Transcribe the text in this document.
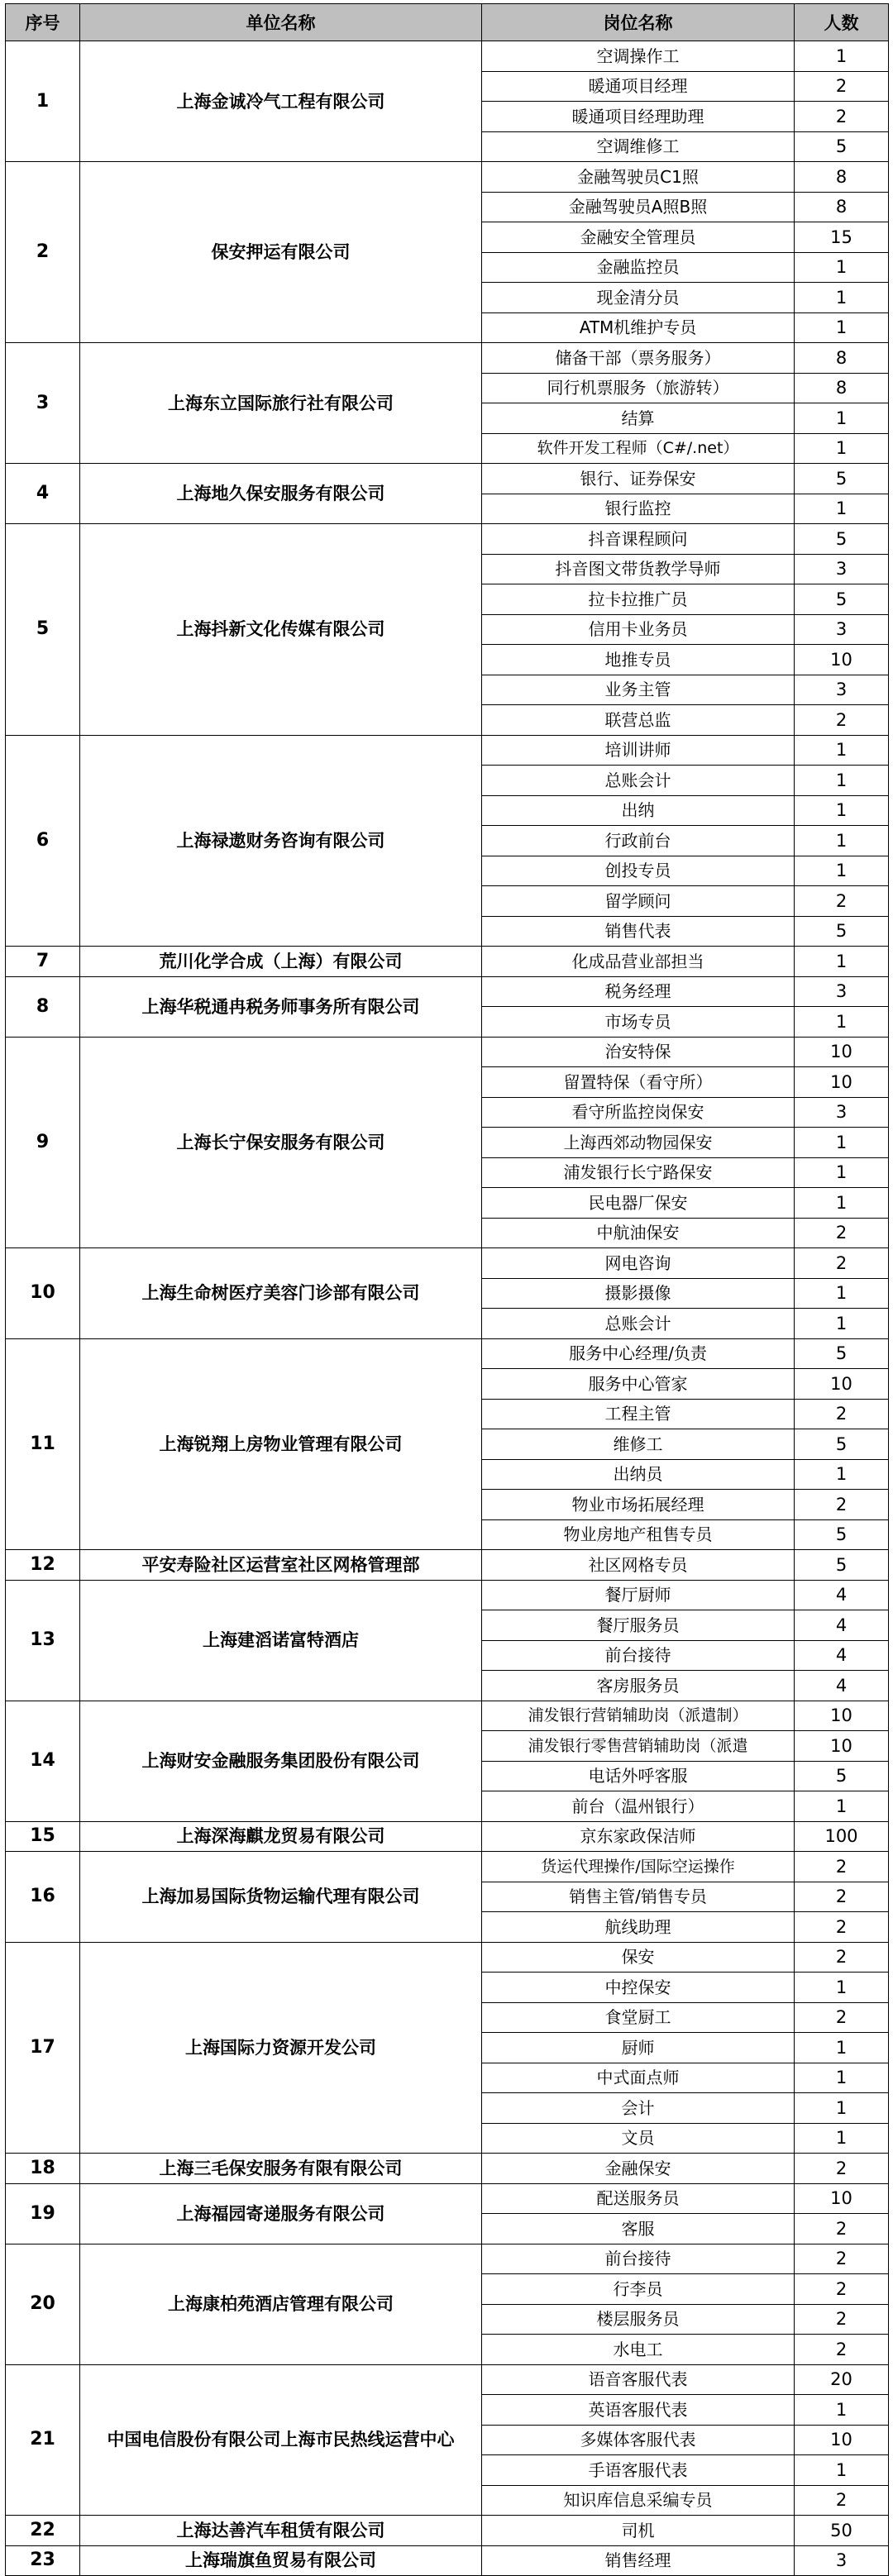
序号	单位名称	岗位名称	人数
1	上海金诚冷气工程有限公司	空调操作工	1
		暖通项目经理	2
		暖通项目经理助理	2
		空调维修工	5
2	保安押运有限公司	金融驾驶员C1照	8
		金融驾驶员A照B照	8
		金融安全管理员	15
		金融监控员	1
		现金清分员	1
		ATM机维护专员	1
3	上海东立国际旅行社有限公司	储备干部（票务服务）	8
		同行机票服务（旅游转）	8
		结算	1
		软件开发工程师（C#/.net）	1
4	上海地久保安服务有限公司	银行、证券保安	5
		银行监控	1
5	上海抖新文化传媒有限公司	抖音课程顾问	5
		抖音图文带货教学导师	3
		拉卡拉推广员	5
		信用卡业务员	3
		地推专员	10
		业务主管	3
		联营总监	2
6	上海禄遨财务咨询有限公司	培训讲师	1
		总账会计	1
		出纳	1
		行政前台	1
		创投专员	1
		留学顾问	2
		销售代表	5
7	荒川化学合成（上海）有限公司	化成品营业部担当	1
8	上海华税通冉税务师事务所有限公司	税务经理	3
		市场专员	1
9	上海长宁保安服务有限公司	治安特保	10
		留置特保（看守所）	10
		看守所监控岗保安	3
		上海西郊动物园保安	1
		浦发银行长宁路保安	1
		民电器厂保安	1
		中航油保安	2
10	上海生命树医疗美容门诊部有限公司	网电咨询	2
		摄影摄像	1
		总账会计	1
11	上海锐翔上房物业管理有限公司	服务中心经理/负责	5
		服务中心管家	10
		工程主管	2
		维修工	5
		出纳员	1
		物业市场拓展经理	2
		物业房地产租售专员	5
12	平安寿险社区运营室社区网格管理部	社区网格专员	5
13	上海建滔诺富特酒店	餐厅厨师	4
		餐厅服务员	4
		前台接待	4
		客房服务员	4
14	上海财安金融服务集团股份有限公司	浦发银行营销辅助岗（派遣制）	10
		浦发银行零售营销辅助岗（派遣	10
		电话外呼客服	5
		前台（温州银行）	1
15	上海深海麒龙贸易有限公司	京东家政保洁师	100
16	上海加易国际货物运输代理有限公司	货运代理操作/国际空运操作	2
		销售主管/销售专员	2
		航线助理	2
17	上海国际力资源开发公司	保安	2
		中控保安	1
		食堂厨工	2
		厨师	1
		中式面点师	1
		会计	1
		文员	1
18	上海三毛保安服务有限有限公司	金融保安	2
19	上海福园寄递服务有限公司	配送服务员	10
		客服	2
20	上海康柏苑酒店管理有限公司	前台接待	2
		行李员	2
		楼层服务员	2
		水电工	2
21	中国电信股份有限公司上海市民热线运营中心	语音客服代表	20
		英语客服代表	1
		多媒体客服代表	10
		手语客服代表	1
		知识库信息采编专员	2
22	上海达善汽车租赁有限公司	司机	50
23	上海瑞旗鱼贸易有限公司	销售经理	3
